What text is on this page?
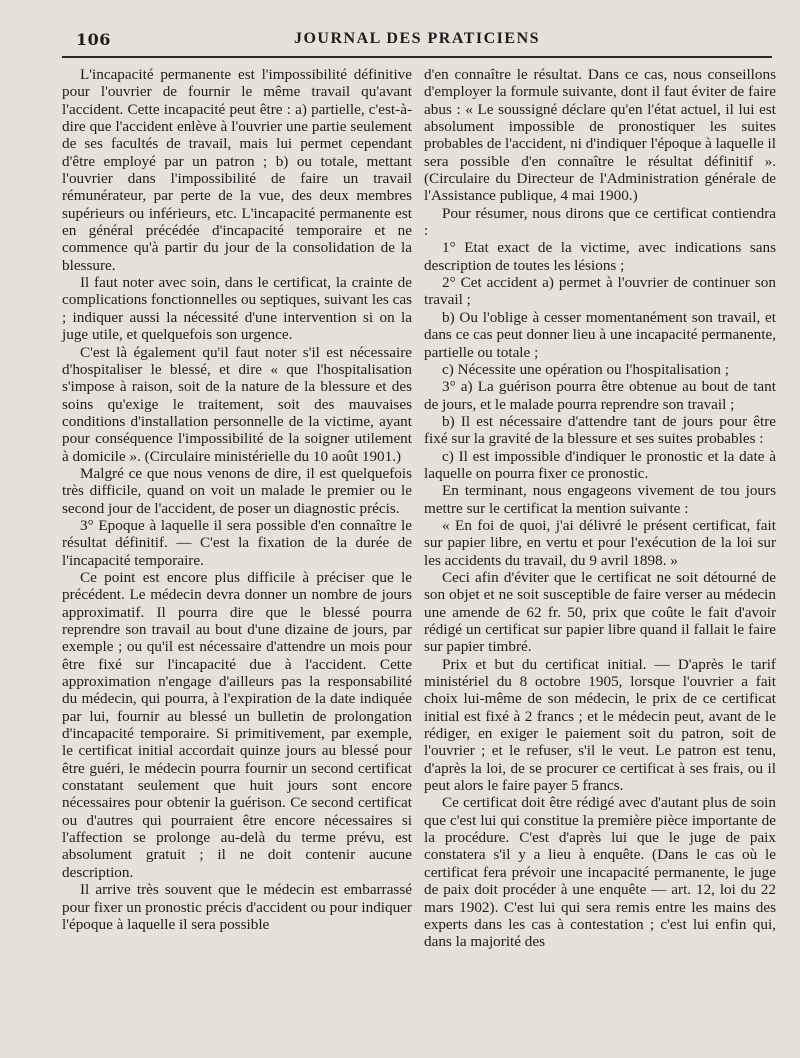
106	JOURNAL DES PRATICIENS

L'incapacité permanente est l'impossibilité définitive pour l'ouvrier de fournir le même travail qu'avant l'accident. Cette incapacité peut être : a) partielle, c'est-à-dire que l'accident enlève à l'ouvrier une partie seulement de ses facultés de travail, mais lui permet cependant d'être employé par un patron ; b) ou totale, mettant l'ouvrier dans l'impossibilité de faire un travail rémunérateur, par perte de la vue, des deux membres supérieurs ou inférieurs, etc. L'incapacité permanente est en général précédée d'incapacité temporaire et ne commence qu'à partir du jour de la consolidation de la blessure.

Il faut noter avec soin, dans le certificat, la crainte de complications fonctionnelles ou septiques, suivant les cas ; indiquer aussi la nécessité d'une intervention si on la juge utile, et quelquefois son urgence.

C'est là également qu'il faut noter s'il est nécessaire d'hospitaliser le blessé, et dire « que l'hospitalisation s'impose à raison, soit de la nature de la blessure et des soins qu'exige le traitement, soit des mauvaises conditions d'installation personnelle de la victime, ayant pour conséquence l'impossibilité de la soigner utilement à domicile ». (Circulaire ministérielle du 10 août 1901.)

Malgré ce que nous venons de dire, il est quelquefois très difficile, quand on voit un malade le premier ou le second jour de l'accident, de poser un diagnostic précis.

3° Epoque à laquelle il sera possible d'en connaître le résultat définitif. — C'est la fixation de la durée de l'incapacité temporaire.

Ce point est encore plus difficile à préciser que le précédent. Le médecin devra donner un nombre de jours approximatif. Il pourra dire que le blessé pourra reprendre son travail au bout d'une dizaine de jours, par exemple ; ou qu'il est nécessaire d'attendre un mois pour être fixé sur l'incapacité due à l'accident. Cette approximation n'engage d'ailleurs pas la responsabilité du médecin, qui pourra, à l'expiration de la date indiquée par lui, fournir au blessé un bulletin de prolongation d'incapacité temporaire. Si primitivement, par exemple, le certificat initial accordait quinze jours au blessé pour être guéri, le médecin pourra fournir un second certificat constatant seulement que huit jours sont encore nécessaires pour obtenir la guérison. Ce second certificat ou d'autres qui pourraient être encore nécessaires si l'affection se prolonge au-delà du terme prévu, est absolument gratuit ; il ne doit contenir aucune description.

Il arrive très souvent que le médecin est embarrassé pour fixer un pronostic précis d'accident ou pour indiquer l'époque à laquelle il sera possible

d'en connaître le résultat. Dans ce cas, nous conseillons d'employer la formule suivante, dont il faut éviter de faire abus : « Le soussigné déclare qu'en l'état actuel, il lui est absolument impossible de pronostiquer les suites probables de l'accident, ni d'indiquer l'époque à laquelle il sera possible d'en connaître le résultat définitif ». (Circulaire du Directeur de l'Administration générale de l'Assistance publique, 4 mai 1900.)

Pour résumer, nous dirons que ce certificat contiendra :

1° Etat exact de la victime, avec indications sans description de toutes les lésions ;

2° Cet accident a) permet à l'ouvrier de continuer son travail ;

b) Ou l'oblige à cesser momentanément son travail, et dans ce cas peut donner lieu à une incapacité permanente, partielle ou totale ;

c) Nécessite une opération ou l'hospitalisation ;

3° a) La guérison pourra être obtenue au bout de tant de jours, et le malade pourra reprendre son travail ;

b) Il est nécessaire d'attendre tant de jours pour être fixé sur la gravité de la blessure et ses suites probables :

c) Il est impossible d'indiquer le pronostic et la date à laquelle on pourra fixer ce pronostic.

En terminant, nous engageons vivement de tou jours mettre sur le certificat la mention suivante :

« En foi de quoi, j'ai délivré le présent certificat, fait sur papier libre, en vertu et pour l'exécution de la loi sur les accidents du travail, du 9 avril 1898. »

Ceci afin d'éviter que le certificat ne soit détourné de son objet et ne soit susceptible de faire verser au médecin une amende de 62 fr. 50, prix que coûte le fait d'avoir rédigé un certificat sur papier libre quand il fallait le faire sur papier timbré.

Prix et but du certificat initial. — D'après le tarif ministériel du 8 octobre 1905, lorsque l'ouvrier a fait choix lui-même de son médecin, le prix de ce certificat initial est fixé à 2 francs ; et le médecin peut, avant de le rédiger, en exiger le paiement soit du patron, soit de l'ouvrier ; et le refuser, s'il le veut. Le patron est tenu, d'après la loi, de se procurer ce certificat à ses frais, ou il peut alors le faire payer 5 francs.

Ce certificat doit être rédigé avec d'autant plus de soin que c'est lui qui constitue la première pièce importante de la procédure. C'est d'après lui que le juge de paix constatera s'il y a lieu à enquête. (Dans le cas où le certificat fera prévoir une incapacité permanente, le juge de paix doit procéder à une enquête — art. 12, loi du 22 mars 1902). C'est lui qui sera remis entre les mains des experts dans les cas à contestation ; c'est lui enfin qui, dans la majorité des
